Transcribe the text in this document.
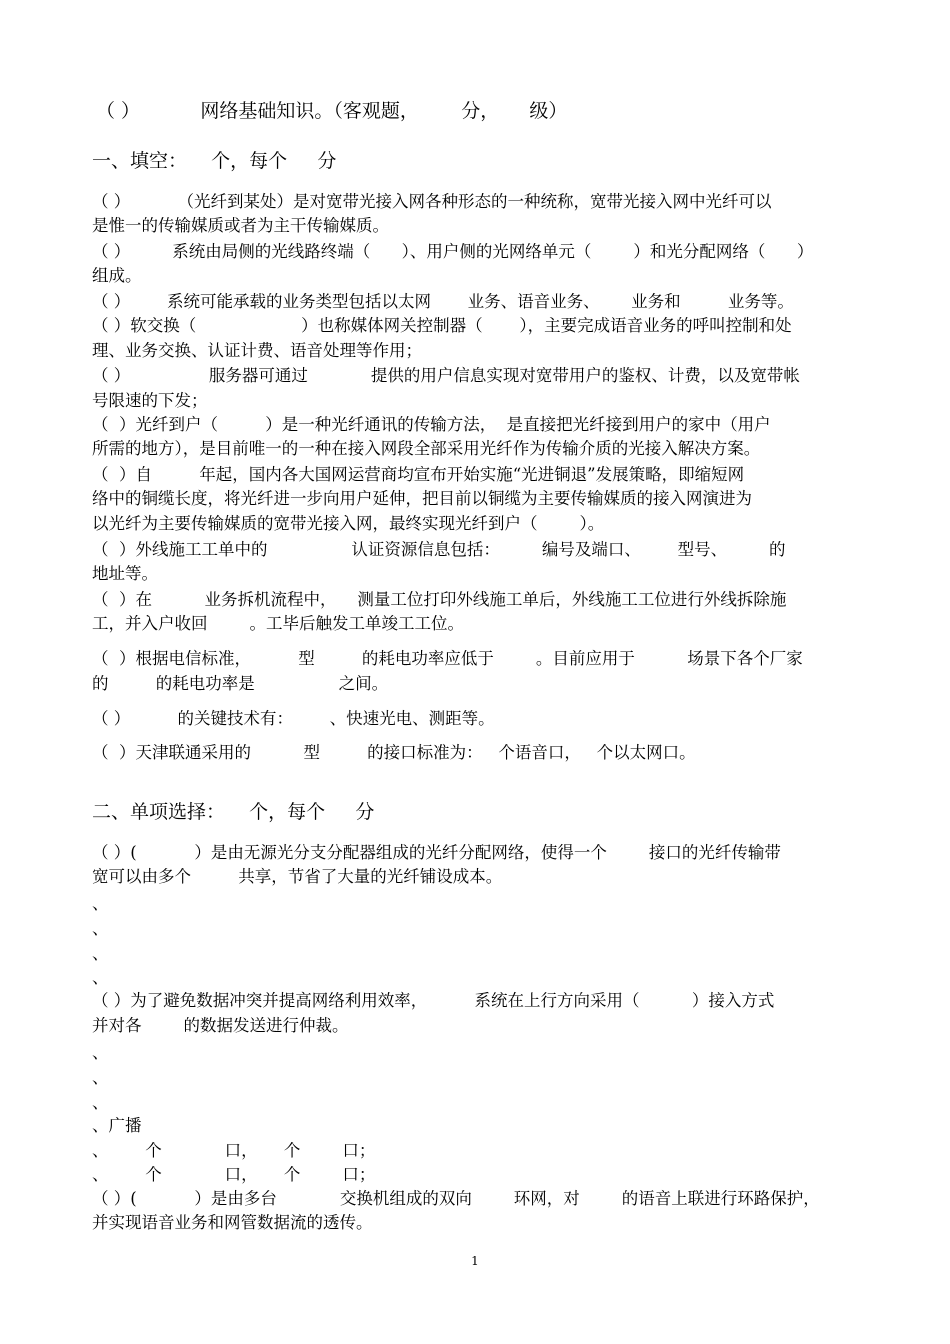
（ ）          网络基础知识。（客观题，       分，     级）
一、填空：    个，每个     分
（ ）         （光纤到某处）是对宽带光接入网各种形态的一种统称，宽带光接入网中光纤可以
是惟一的传输媒质或者为主干传输媒质。
（ ）        系统由局侧的光线路终端（      ）、用户侧的光网络单元（        ）和光分配网络（      ）
组成。
（ ）       系统可能承载的业务类型包括以太网       业务、语音业务、      业务和         业务等。
（ ）软交换（                    ）也称媒体网关控制器（       ），主要完成语音业务的呼叫控制和处
理、业务交换、认证计费、语音处理等作用；
（ ）               服务器可通过            提供的用户信息实现对宽带用户的鉴权、计费，以及宽带帐
号限速的下发；
（  ）光纤到户（         ）是一种光纤通讯的传输方法，  是直接把光纤接到用户的家中（用户
所需的地方），是目前唯一的一种在接入网段全部采用光纤作为传输介质的光接入解决方案。
（  ）自         年起，国内各大国网运营商均宣布开始实施“光进铜退”发展策略，即缩短网
络中的铜缆长度，将光纤进一步向用户延伸，把目前以铜缆为主要传输媒质的接入网演进为
以光纤为主要传输媒质的宽带光接入网，最终实现光纤到户（        ）。
（  ）外线施工工单中的                认证资源信息包括：        编号及端口、       型号、        的
地址等。
（  ）在          业务拆机流程中，    测量工位打印外线施工单后，外线施工工位进行外线拆除施
工，并入户收回        。工毕后触发工单竣工工位。
（  ）根据电信标准，         型         的耗电功率应低于        。目前应用于          场景下各个厂家
的         的耗电功率是                之间。
（ ）         的关键技术有：       、快速光电、测距等。
（  ）天津联通采用的          型         的接口标准为：   个语音口，   个以太网口。
二、单项选择：    个，每个     分
（ ）(           ）是由无源光分支分配器组成的光纤分配网络，使得一个        接口的光纤传输带
宽可以由多个         共享，节省了大量的光纤铺设成本。
、
、
、
、
（ ）为了避免数据冲突并提高网络利用效率，         系统在上行方向采用（          ）接入方式
并对各        的数据发送进行仲裁。
、
、
、
、广播
、       个            口，     个        口；
、       个            口，     个        口；
（ ）(           ）是由多台            交换机组成的双向        环网，对        的语音上联进行环路保护，
并实现语音业务和网管数据流的透传。
1
